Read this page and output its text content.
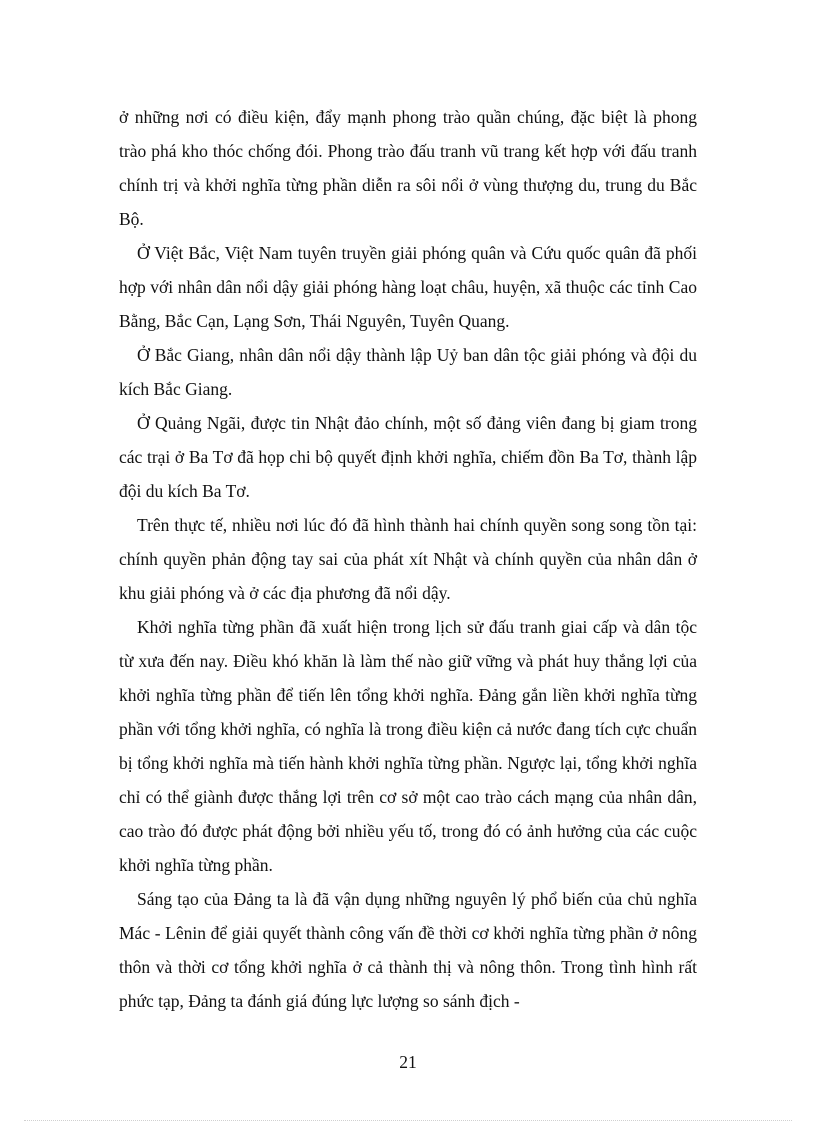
ở những nơi có điều kiện, đẩy mạnh phong trào quần chúng, đặc biệt là phong trào phá kho thóc chống đói. Phong trào đấu tranh vũ trang kết hợp với đấu tranh chính trị và khởi nghĩa từng phần diễn ra sôi nổi ở vùng thượng du, trung du Bắc Bộ.

Ở Việt Bắc, Việt Nam tuyên truyền giải phóng quân và Cứu quốc quân đã phối hợp với nhân dân nổi dậy giải phóng hàng loạt châu, huyện, xã thuộc các tỉnh Cao Bằng, Bắc Cạn, Lạng Sơn, Thái Nguyên, Tuyên Quang.

Ở Bắc Giang, nhân dân nổi dậy thành lập Uỷ ban dân tộc giải phóng và đội du kích Bắc Giang.

Ở Quảng Ngãi, được tin Nhật đảo chính, một số đảng viên đang bị giam trong các trại ở Ba Tơ đã họp chi bộ quyết định khởi nghĩa, chiếm đồn Ba Tơ, thành lập đội du kích Ba Tơ.

Trên thực tế, nhiều nơi lúc đó đã hình thành hai chính quyền song song tồn tại: chính quyền phản động tay sai của phát xít Nhật và chính quyền của nhân dân ở khu giải phóng và ở các địa phương đã nổi dậy.

Khởi nghĩa từng phần đã xuất hiện trong lịch sử đấu tranh giai cấp và dân tộc từ xưa đến nay. Điều khó khăn là làm thế nào giữ vững và phát huy thắng lợi của khởi nghĩa từng phần để tiến lên tổng khởi nghĩa. Đảng gắn liền khởi nghĩa từng phần với tổng khởi nghĩa, có nghĩa là trong điều kiện cả nước đang tích cực chuẩn bị tổng khởi nghĩa mà tiến hành khởi nghĩa từng phần. Ngược lại, tổng khởi nghĩa chỉ có thể giành được thắng lợi trên cơ sở một cao trào cách mạng của nhân dân, cao trào đó được phát động bởi nhiều yếu tố, trong đó có ảnh hưởng của các cuộc khởi nghĩa từng phần.

Sáng tạo của Đảng ta là đã vận dụng những nguyên lý phổ biến của chủ nghĩa Mác - Lênin để giải quyết thành công vấn đề thời cơ khởi nghĩa từng phần ở nông thôn và thời cơ tổng khởi nghĩa ở cả thành thị và nông thôn. Trong tình hình rất phức tạp, Đảng ta đánh giá đúng lực lượng so sánh địch -

21
